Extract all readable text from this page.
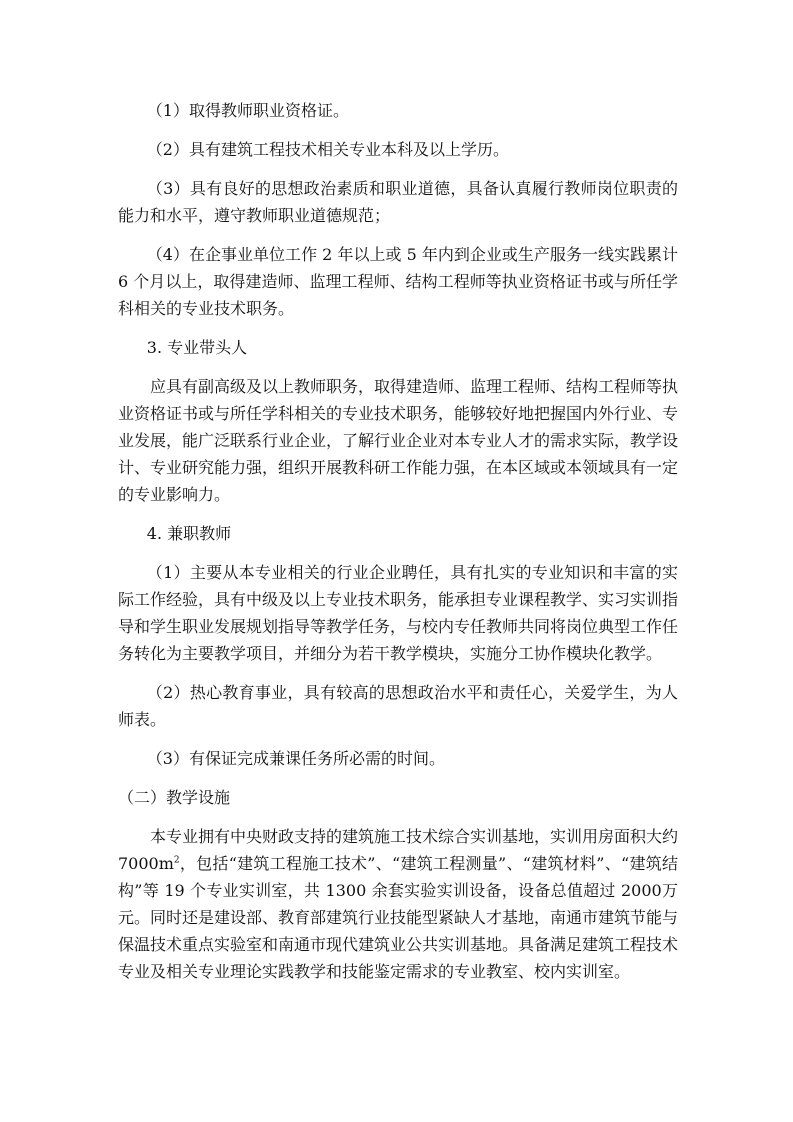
（1）取得教师职业资格证。

（2）具有建筑工程技术相关专业本科及以上学历。

（3）具有良好的思想政治素质和职业道德，具备认真履行教师岗位职责的能力和水平，遵守教师职业道德规范；

（4）在企事业单位工作 2 年以上或 5 年内到企业或生产服务一线实践累计6 个月以上，取得建造师、监理工程师、结构工程师等执业资格证书或与所任学科相关的专业技术职务。

3. 专业带头人

应具有副高级及以上教师职务，取得建造师、监理工程师、结构工程师等执业资格证书或与所任学科相关的专业技术职务，能够较好地把握国内外行业、专业发展，能广泛联系行业企业，了解行业企业对本专业人才的需求实际，教学设计、专业研究能力强，组织开展教科研工作能力强，在本区域或本领域具有一定的专业影响力。

4. 兼职教师

（1）主要从本专业相关的行业企业聘任，具有扎实的专业知识和丰富的实际工作经验，具有中级及以上专业技术职务，能承担专业课程教学、实习实训指导和学生职业发展规划指导等教学任务，与校内专任教师共同将岗位典型工作任务转化为主要教学项目，并细分为若干教学模块，实施分工协作模块化教学。

（2）热心教育事业，具有较高的思想政治水平和责任心，关爱学生，为人师表。

（3）有保证完成兼课任务所必需的时间。

（二）教学设施

本专业拥有中央财政支持的建筑施工技术综合实训基地，实训用房面积大约$7000m^2$，包括“建筑工程施工技术”、“建筑工程测量”、“建筑材料”、“建筑结构”等 19 个专业实训室，共 1300 余套实验实训设备，设备总值超过 2000万元。同时还是建设部、教育部建筑行业技能型紧缺人才基地，南通市建筑节能与保温技术重点实验室和南通市现代建筑业公共实训基地。具备满足建筑工程技术专业及相关专业理论实践教学和技能鉴定需求的专业教室、校内实训室。
